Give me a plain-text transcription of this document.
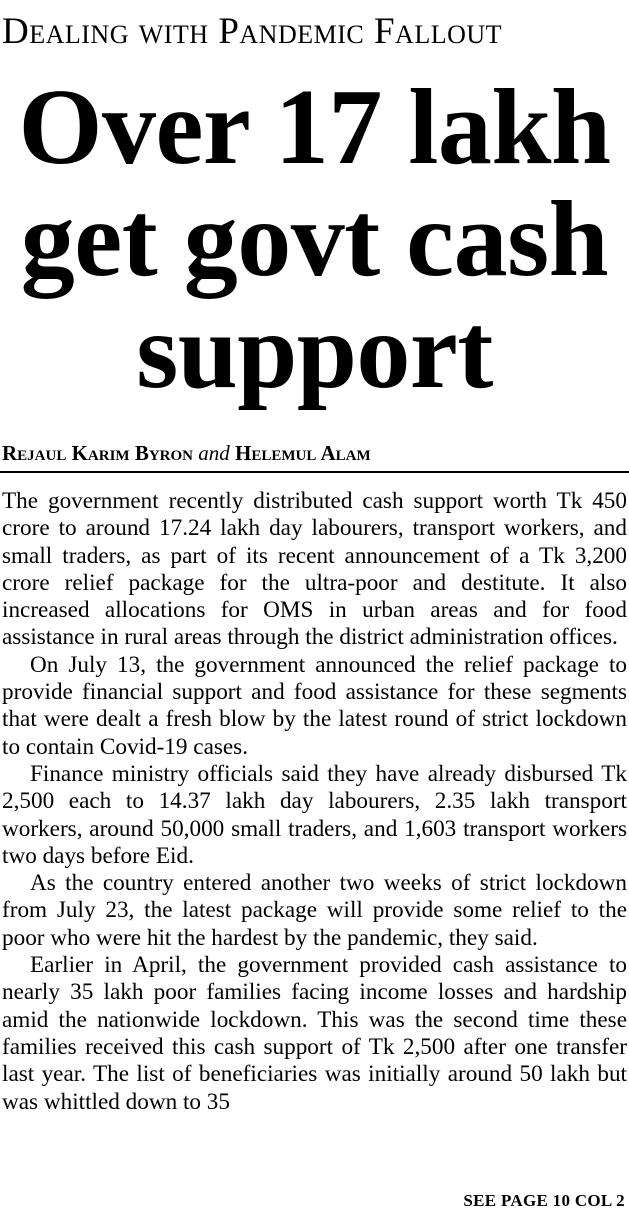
Dealing with Pandemic Fallout
Over 17 lakh
get govt cash
support
Rejaul Karim Byron and Helemul Alam

The government recently distributed cash support worth Tk 450 crore to around 17.24 lakh day labourers, transport workers, and small traders, as part of its recent announcement of a Tk 3,200 crore relief package for the ultra-poor and destitute. It also increased allocations for OMS in urban areas and for food assistance in rural areas through the district administration offices.

On July 13, the government announced the relief package to provide financial support and food assistance for these segments that were dealt a fresh blow by the latest round of strict lockdown to contain Covid-19 cases.

Finance ministry officials said they have already disbursed Tk 2,500 each to 14.37 lakh day labourers, 2.35 lakh transport workers, around 50,000 small traders, and 1,603 transport workers two days before Eid.

As the country entered another two weeks of strict lockdown from July 23, the latest package will provide some relief to the poor who were hit the hardest by the pandemic, they said.

Earlier in April, the government provided cash assistance to nearly 35 lakh poor families facing income losses and hardship amid the nationwide lockdown. This was the second time these families received this cash support of Tk 2,500 after one transfer last year. The list of beneficiaries was initially around 50 lakh but was whittled down to 35

SEE PAGE 10 COL 2
